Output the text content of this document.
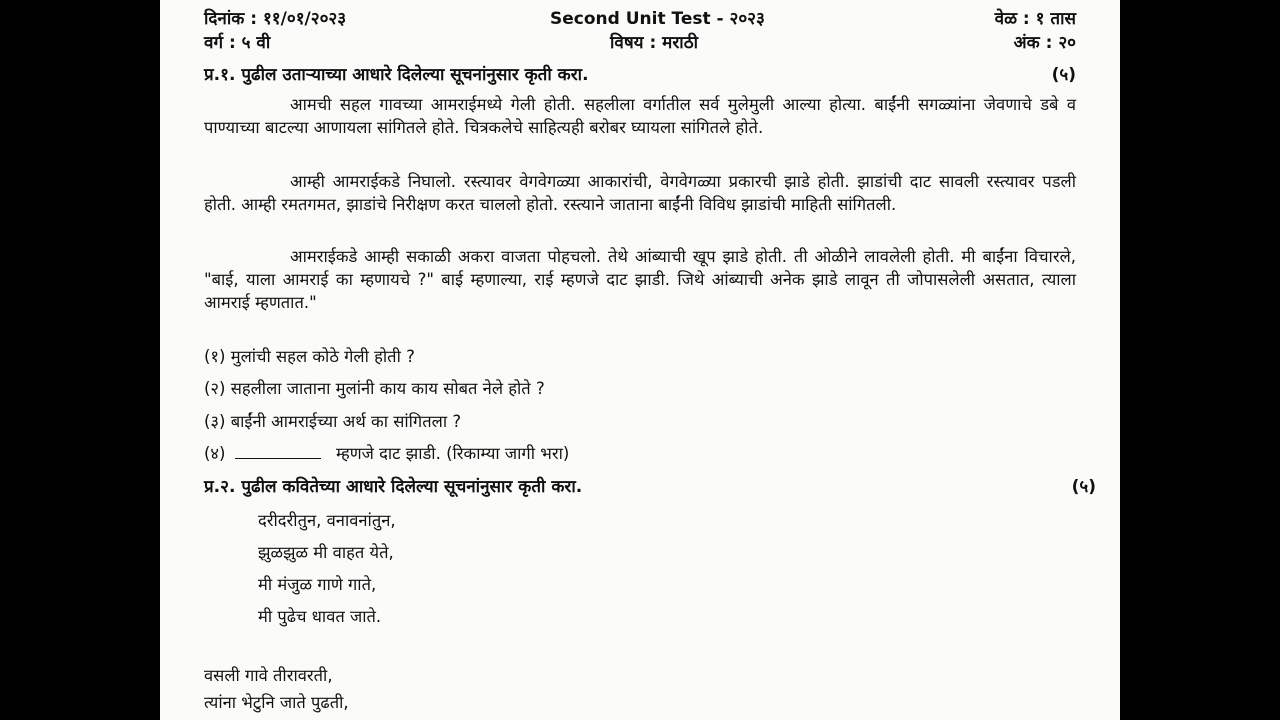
दिनांक : ११/०१/२०२३	Second Unit Test - २०२३	वेळ : १ तास
वर्ग : ५ वी	विषय : मराठी	अंक : २०
प्र.१. पुढील उताऱ्याच्या आधारे दिलेल्या सूचनांनुसार कृती करा.	(५)
आमची सहल गावच्या आमराईमध्ये गेली होती. सहलीला वर्गातील सर्व मुलेमुली आल्या होत्या. बाईंनी सगळ्यांना जेवणाचे डबे व पाण्याच्या बाटल्या आणायला सांगितले होते. चित्रकलेचे साहित्यही बरोबर घ्यायला सांगितले होते.
आम्ही आमराईकडे निघालो. रस्त्यावर वेगवेगळ्या आकारांची, वेगवेगळ्या प्रकारची झाडे होती. झाडांची दाट सावली रस्त्यावर पडली होती. आम्ही रमतगमत, झाडांचे निरीक्षण करत चाललो होतो. रस्त्याने जाताना बाईंनी विविध झाडांची माहिती सांगितली.
आमराईकडे आम्ही सकाळी अकरा वाजता पोहचलो. तेथे आंब्याची खूप झाडे होती. ती ओळीने लावलेली होती. मी बाईंना विचारले, "बाई, याला आमराई का म्हणायचे ?" बाई म्हणाल्या, राई म्हणजे दाट झाडी. जिथे आंब्याची अनेक झाडे लावून ती जोपासलेली असतात, त्याला आमराई म्हणतात."
(१) मुलांची सहल कोठे गेली होती ?
(२) सहलीला जाताना मुलांनी काय काय सोबत नेले होते ?
(३) बाईंनी आमराईच्या अर्थ का सांगितला ?
(४)	म्हणजे दाट झाडी. (रिकाम्या जागी भरा)
प्र.२. पुढील कवितेच्या आधारे दिलेल्या सूचनांनुसार कृती करा.	(५)
दरीदरीतुन, वनावनांतुन,
झुळझुळ मी वाहत येते,
मी मंजुळ गाणे गाते,
मी पुढेच धावत जाते.
वसली गावे तीरावरती,
त्यांना भेटुनि जाते पुढती,
